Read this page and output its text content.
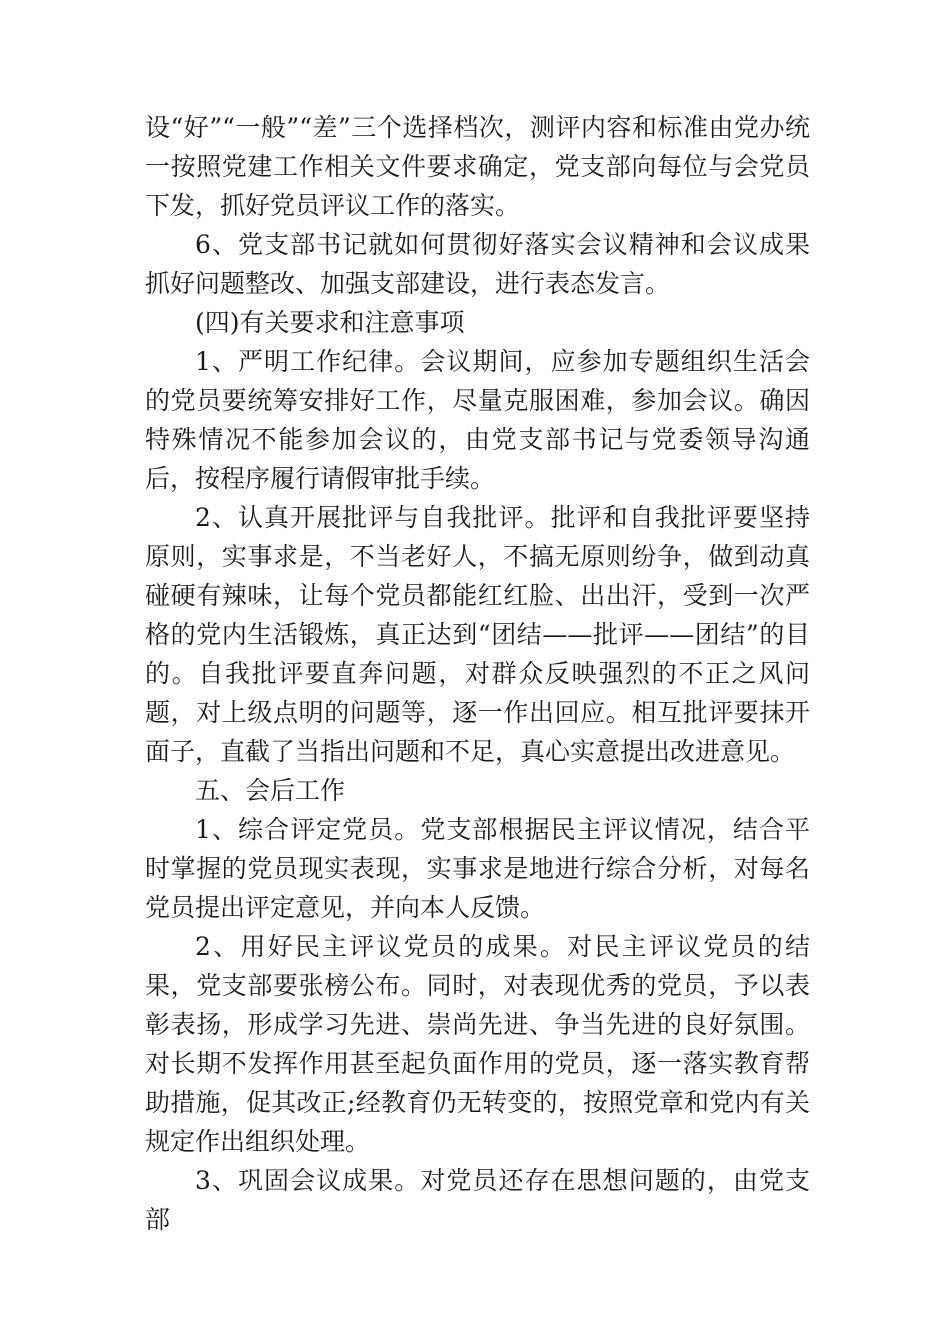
设“好”“一般”“差”三个选择档次，测评内容和标准由党办统一按照党建工作相关文件要求确定，党支部向每位与会党员下发，抓好党员评议工作的落实。

6、党支部书记就如何贯彻好落实会议精神和会议成果抓好问题整改、加强支部建设，进行表态发言。

(四)有关要求和注意事项

1、严明工作纪律。会议期间，应参加专题组织生活会的党员要统筹安排好工作，尽量克服困难，参加会议。确因特殊情况不能参加会议的，由党支部书记与党委领导沟通后，按程序履行请假审批手续。

2、认真开展批评与自我批评。批评和自我批评要坚持原则，实事求是，不当老好人，不搞无原则纷争，做到动真碰硬有辣味，让每个党员都能红红脸、出出汗，受到一次严格的党内生活锻炼，真正达到“团结——批评——团结”的目的。自我批评要直奔问题，对群众反映强烈的不正之风问题，对上级点明的问题等，逐一作出回应。相互批评要抹开面子，直截了当指出问题和不足，真心实意提出改进意见。

五、会后工作

1、综合评定党员。党支部根据民主评议情况，结合平时掌握的党员现实表现，实事求是地进行综合分析，对每名党员提出评定意见，并向本人反馈。

2、用好民主评议党员的成果。对民主评议党员的结果，党支部要张榜公布。同时，对表现优秀的党员，予以表彰表扬，形成学习先进、崇尚先进、争当先进的良好氛围。对长期不发挥作用甚至起负面作用的党员，逐一落实教育帮助措施，促其改正;经教育仍无转变的，按照党章和党内有关规定作出组织处理。

3、巩固会议成果。对党员还存在思想问题的，由党支部
